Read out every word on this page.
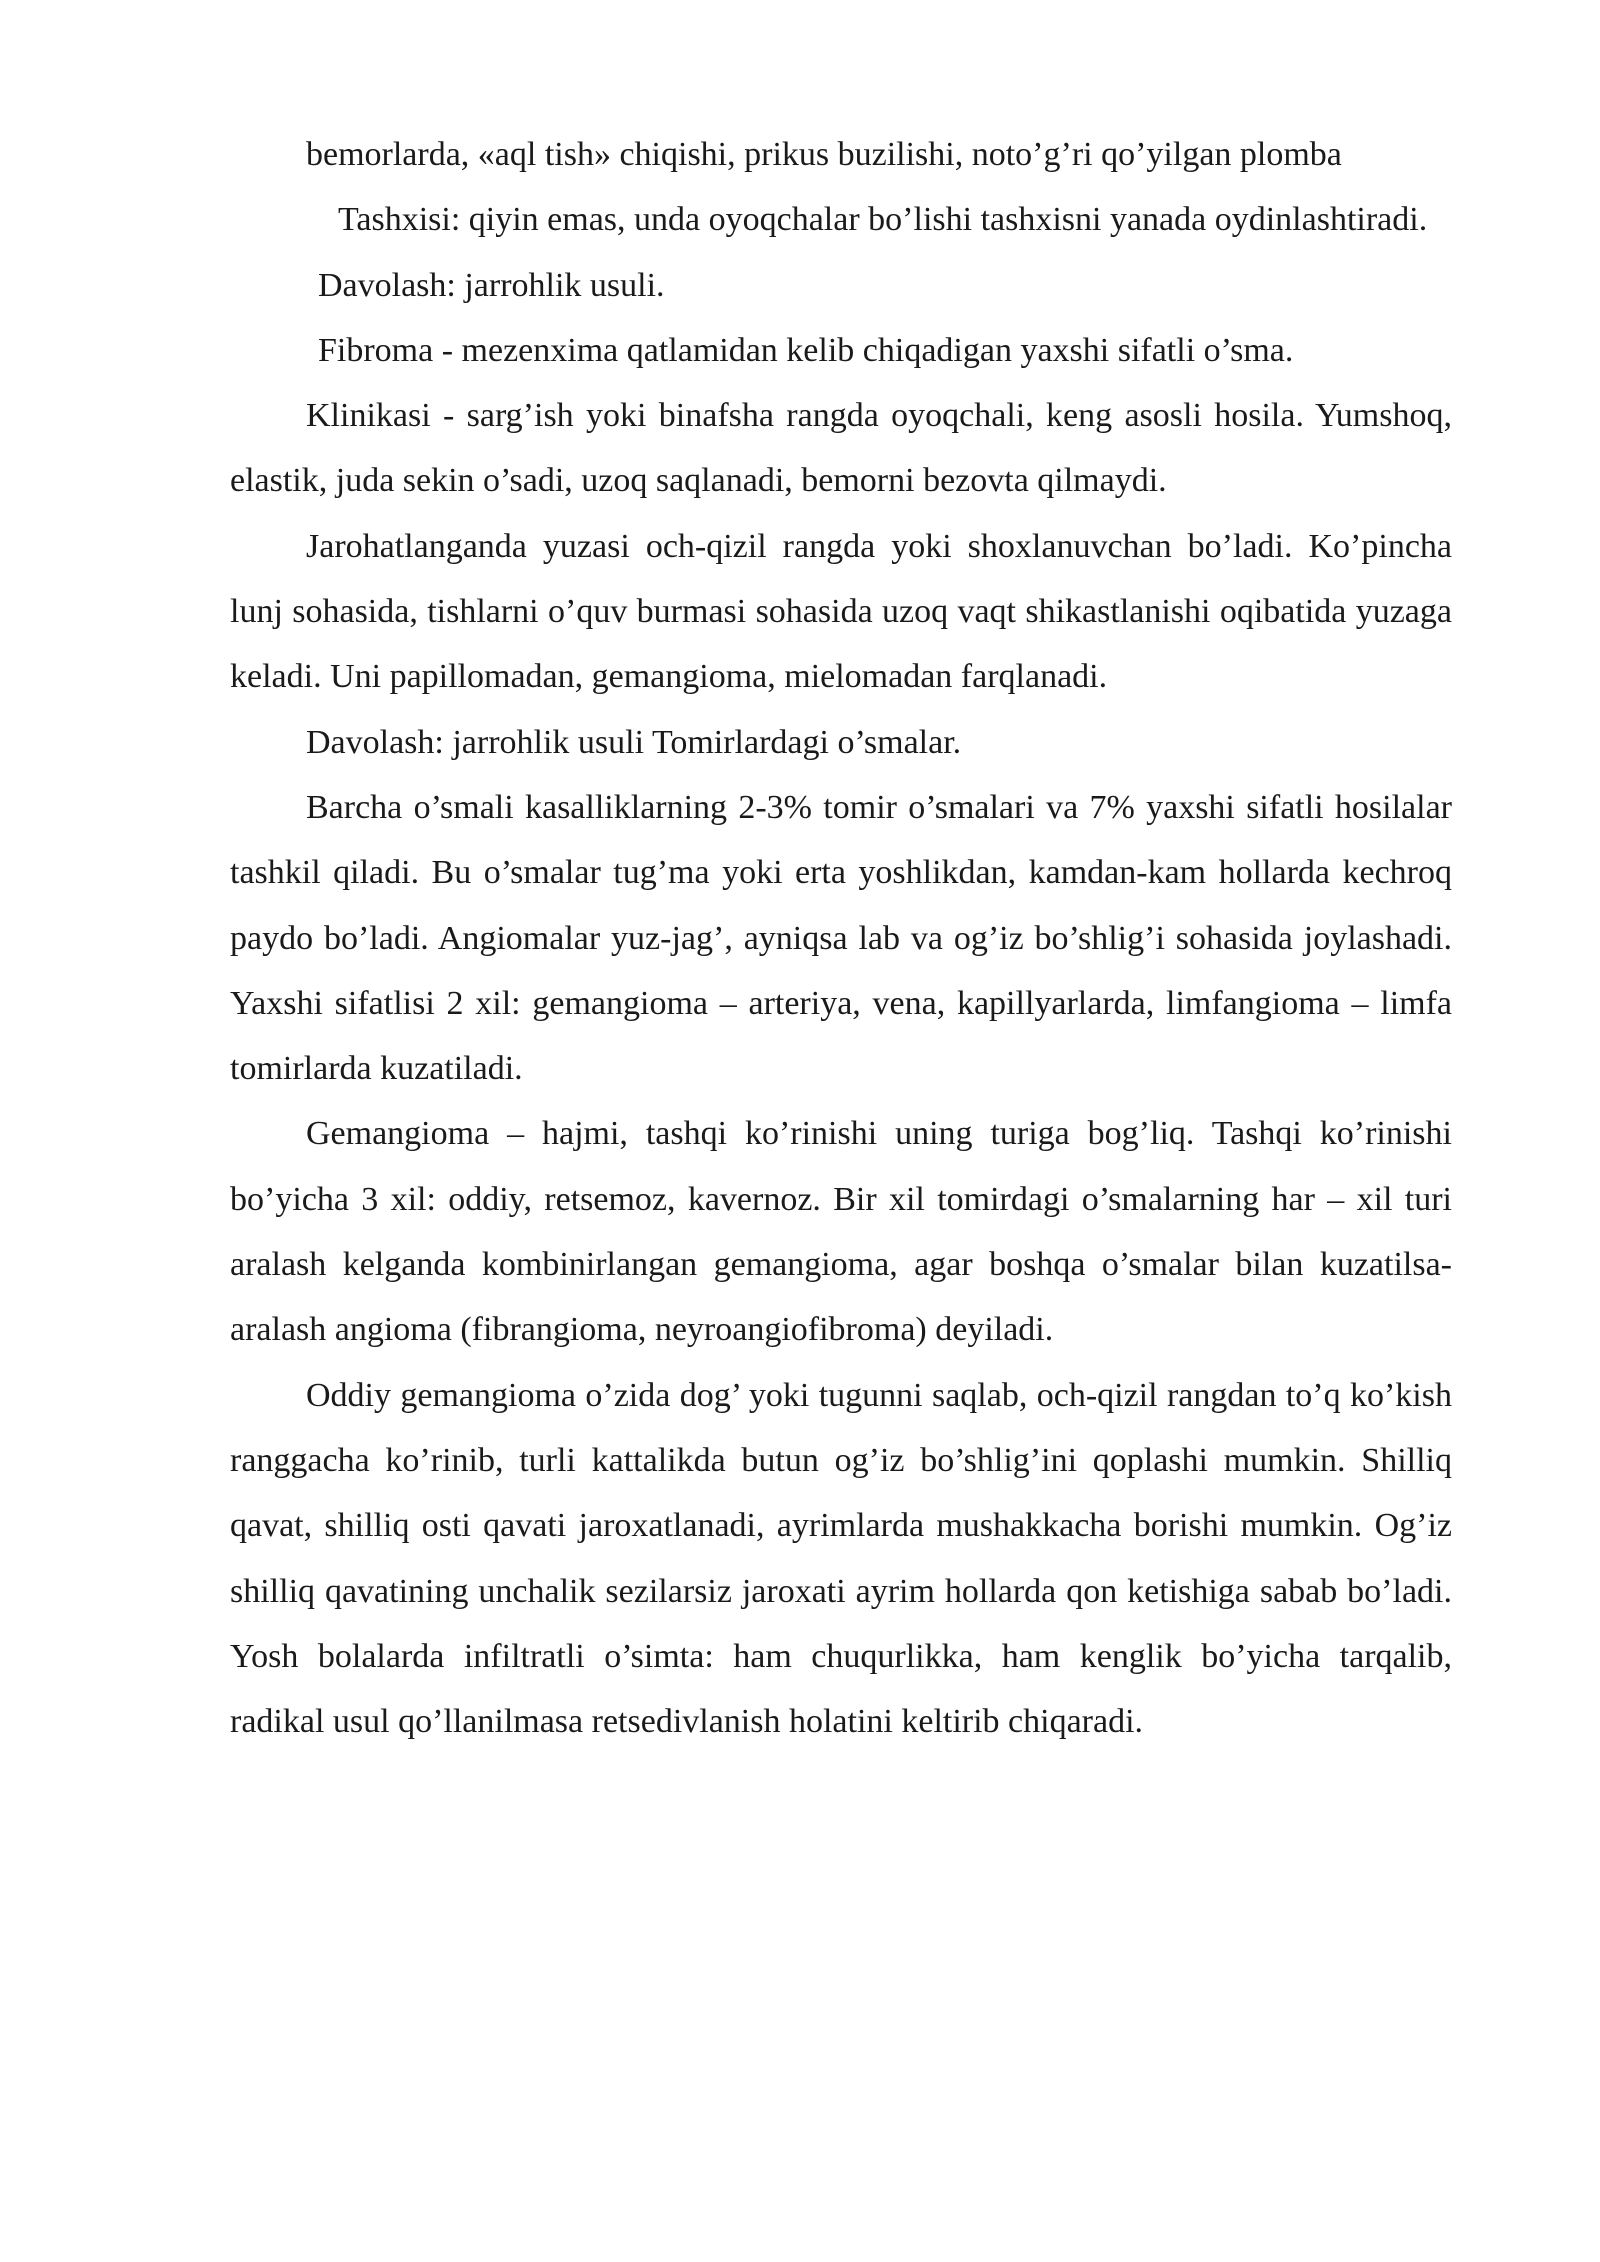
bemorlarda, «aql tish» chiqishi, prikus buzilishi, noto’g’ri qo’yilgan plomba

Tashxisi: qiyin emas, unda oyoqchalar bo’lishi tashxisni yanada oydinlashtiradi.

Davolash: jarrohlik usuli.

Fibroma - mezenxima qatlamidan kelib chiqadigan yaxshi sifatli o’sma.

Klinikasi - sarg’ish yoki binafsha rangda oyoqchali, keng asosli hosila. Yumshoq, elastik, juda sekin o’sadi, uzoq saqlanadi, bemorni bezovta qilmaydi.

Jarohatlanganda yuzasi och-qizil rangda yoki shoxlanuvchan bo’ladi. Ko’pincha lunj sohasida, tishlarni o’quv burmasi sohasida uzoq vaqt shikastlanishi oqibatida yuzaga keladi. Uni papillomadan, gemangioma, mielomadan farqlanadi.

Davolash: jarrohlik usuli Tomirlardagi o’smalar.

Barcha o’smali kasalliklarning 2-3% tomir o’smalari va 7% yaxshi sifatli hosilalar tashkil qiladi. Bu o’smalar tug’ma yoki erta yoshlikdan, kamdan-kam hollarda kechroq paydo bo’ladi. Angiomalar yuz-jag’, ayniqsa lab va og’iz bo’shlig’i sohasida joylashadi. Yaxshi sifatlisi 2 xil: gemangioma – arteriya, vena, kapillyarlarda, limfangioma – limfa tomirlarda kuzatiladi.

Gemangioma – hajmi, tashqi ko’rinishi uning turiga bog’liq. Tashqi ko’rinishi bo’yicha 3 xil: oddiy, retsemoz, kavernoz. Bir xil tomirdagi o’smalarning har – xil turi aralash kelganda kombinirlangan gemangioma, agar boshqa o’smalar bilan kuzatilsa-aralash angioma (fibrangioma, neyroangiofibroma) deyiladi.

Oddiy gemangioma o’zida dog’ yoki tugunni saqlab, och-qizil rangdan to’q ko’kish ranggacha ko’rinib, turli kattalikda butun og’iz bo’shlig’ini qoplashi mumkin. Shilliq qavat, shilliq osti qavati jaroxatlanadi, ayrimlarda mushakkacha borishi mumkin. Og’iz shilliq qavatining unchalik sezilarsiz jaroxati ayrim hollarda qon ketishiga sabab bo’ladi. Yosh bolalarda infiltratli o’simta: ham chuqurlikka, ham kenglik bo’yicha tarqalib, radikal usul qo’llanilmasa retsedivlanish holatini keltirib chiqaradi.
